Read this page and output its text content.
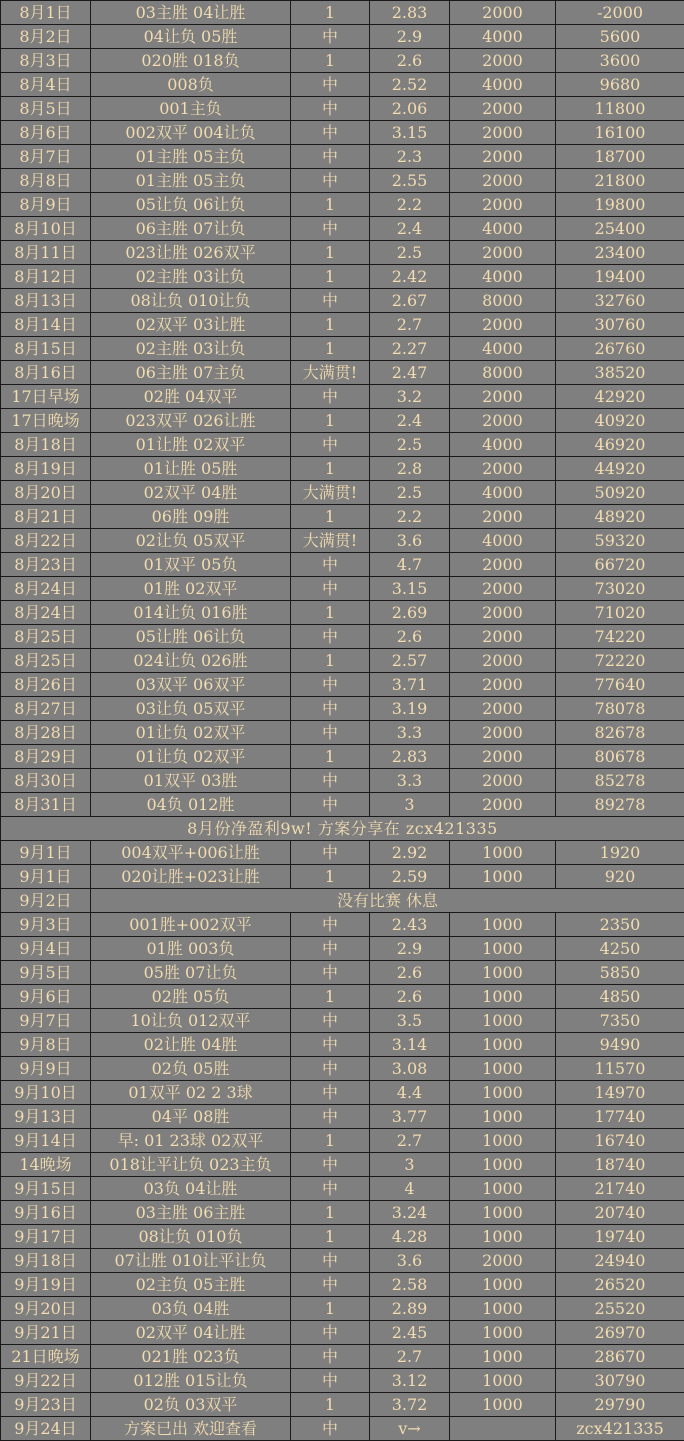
8月1日	03主胜 04让胜	1	2.83	2000	-2000
8月2日	04让负 05胜	中	2.9	4000	5600
8月3日	020胜 018负	1	2.6	2000	3600
8月4日	008负	中	2.52	4000	9680
8月5日	001主负	中	2.06	2000	11800
8月6日	002双平 004让负	中	3.15	2000	16100
8月7日	01主胜 05主负	中	2.3	2000	18700
8月8日	01主胜 05主负	中	2.55	2000	21800
8月9日	05让负 06让负	1	2.2	2000	19800
8月10日	06主胜 07让负	中	2.4	4000	25400
8月11日	023让胜 026双平	1	2.5	2000	23400
8月12日	02主胜 03让负	1	2.42	4000	19400
8月13日	08让负 010让负	中	2.67	8000	32760
8月14日	02双平 03让胜	1	2.7	2000	30760
8月15日	02主胜 03让负	1	2.27	4000	26760
8月16日	06主胜 07主负	大满贯!	2.47	8000	38520
17日早场	02胜 04双平	中	3.2	2000	42920
17日晚场	023双平 026让胜	1	2.4	2000	40920
8月18日	01让胜 02双平	中	2.5	4000	46920
8月19日	01让胜 05胜	1	2.8	2000	44920
8月20日	02双平 04胜	大满贯!	2.5	4000	50920
8月21日	06胜 09胜	1	2.2	2000	48920
8月22日	02让负 05双平	大满贯!	3.6	4000	59320
8月23日	01双平 05负	中	4.7	2000	66720
8月24日	01胜 02双平	中	3.15	2000	73020
8月24日	014让负 016胜	1	2.69	2000	71020
8月25日	05让胜 06让负	中	2.6	2000	74220
8月25日	024让负 026胜	1	2.57	2000	72220
8月26日	03双平 06双平	中	3.71	2000	77640
8月27日	03让负 05双平	中	3.19	2000	78078
8月28日	01让负 02双平	中	3.3	2000	82678
8月29日	01让负 02双平	1	2.83	2000	80678
8月30日	01双平 03胜	中	3.3	2000	85278
8月31日	04负 012胜	中	3	2000	89278
8月份净盈利9w! 方案分享在 zcx421335					
9月1日	004双平+006让胜	中	2.92	1000	1920
9月1日	020让胜+023让胜	1	2.59	1000	920
9月2日	没有比赛 休息				
9月3日	001胜+002双平	中	2.43	1000	2350
9月4日	01胜 003负	中	2.9	1000	4250
9月5日	05胜 07让负	中	2.6	1000	5850
9月6日	02胜 05负	1	2.6	1000	4850
9月7日	10让负 012双平	中	3.5	1000	7350
9月8日	02让胜 04胜	中	3.14	1000	9490
9月9日	02负 05胜	中	3.08	1000	11570
9月10日	01双平 02 2 3球	中	4.4	1000	14970
9月13日	04平 08胜	中	3.77	1000	17740
9月14日	早: 01 23球 02双平	1	2.7	1000	16740
14晚场	018让平让负 023主负	中	3	1000	18740
9月15日	03负 04让胜	中	4	1000	21740
9月16日	03主胜 06主胜	1	3.24	1000	20740
9月17日	08让负 010负	1	4.28	1000	19740
9月18日	07让胜 010让平让负	中	3.6	2000	24940
9月19日	02主负 05主胜	中	2.58	1000	26520
9月20日	03负 04胜	1	2.89	1000	25520
9月21日	02双平 04让胜	中	2.45	1000	26970
21日晚场	021胜 023负	中	2.7	1000	28670
9月22日	012胜 015让负	中	3.12	1000	30790
9月23日	02负 03双平	1	3.72	1000	29790
9月24日	方案已出 欢迎查看	中	v→		zcx421335
